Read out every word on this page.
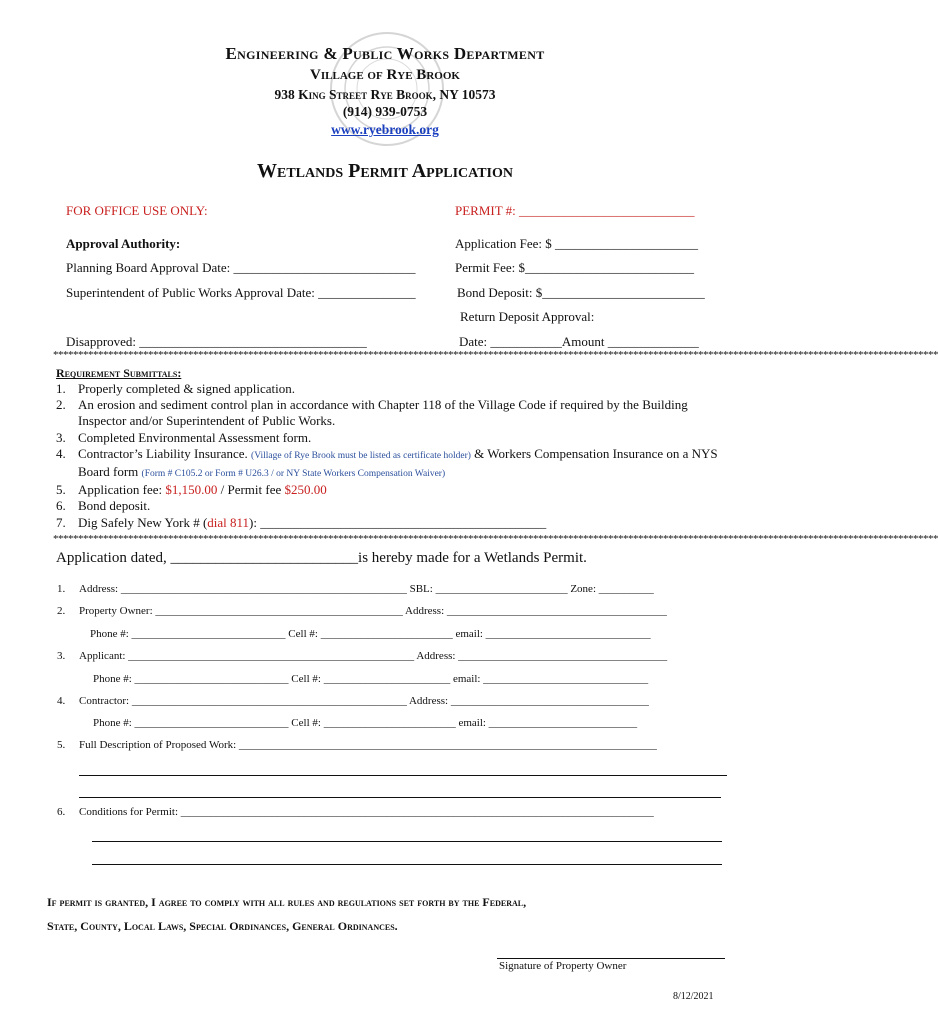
Engineering & Public Works Department
Village of Rye Brook
938 King Street Rye Brook, NY 10573
(914) 939-0753
www.ryebrook.org
Wetlands Permit Application
FOR OFFICE USE ONLY:	PERMIT #: ___________________________
Approval Authority:	Application Fee: $ ______________________
Planning Board Approval Date: ____________________________	Permit Fee: $__________________________
Superintendent of Public Works Approval Date: _______________	Bond Deposit: $_________________________
Return Deposit Approval:
Disapproved: ___________________________________	Date: ___________Amount ______________
*********************************************************************************************************************************************************************************
Requirement Submittals:
1. Properly completed & signed application.
2. An erosion and sediment control plan in accordance with Chapter 118 of the Village Code if required by the Building Inspector and/or Superintendent of Public Works.
3. Completed Environmental Assessment form.
4. Contractor’s Liability Insurance. (Village of Rye Brook must be listed as certificate holder) & Workers Compensation Insurance on a NYS Board form (Form # C105.2 or Form # U26.3 / or NY State Workers Compensation Waiver)
5. Application fee: $1,150.00 / Permit fee $250.00
6. Bond deposit.
7. Dig Safely New York # (dial 811): ____________________________________________
*********************************************************************************************************************************************************************************
Application dated, _________________________is hereby made for a Wetlands Permit.
1. Address: ____________________________________________________ SBL: ________________________ Zone: __________
2. Property Owner: _____________________________________________ Address: ________________________________________
Phone #: ____________________________ Cell #: ________________________ email: ______________________________
3. Applicant: ____________________________________________________ Address: ______________________________________
Phone #: ____________________________ Cell #: _______________________ email: ______________________________
4. Contractor: __________________________________________________ Address: ____________________________________
Phone #: ____________________________ Cell #: ________________________ email: ___________________________
5. Full Description of Proposed Work: ____________________________________________________________________________
6. Conditions for Permit: ______________________________________________________________________________________
If permit is granted, I agree to comply with all rules and regulations set forth by the Federal,
State, County, Local Laws, Special Ordinances, General Ordinances.
Signature of Property Owner
8/12/2021
